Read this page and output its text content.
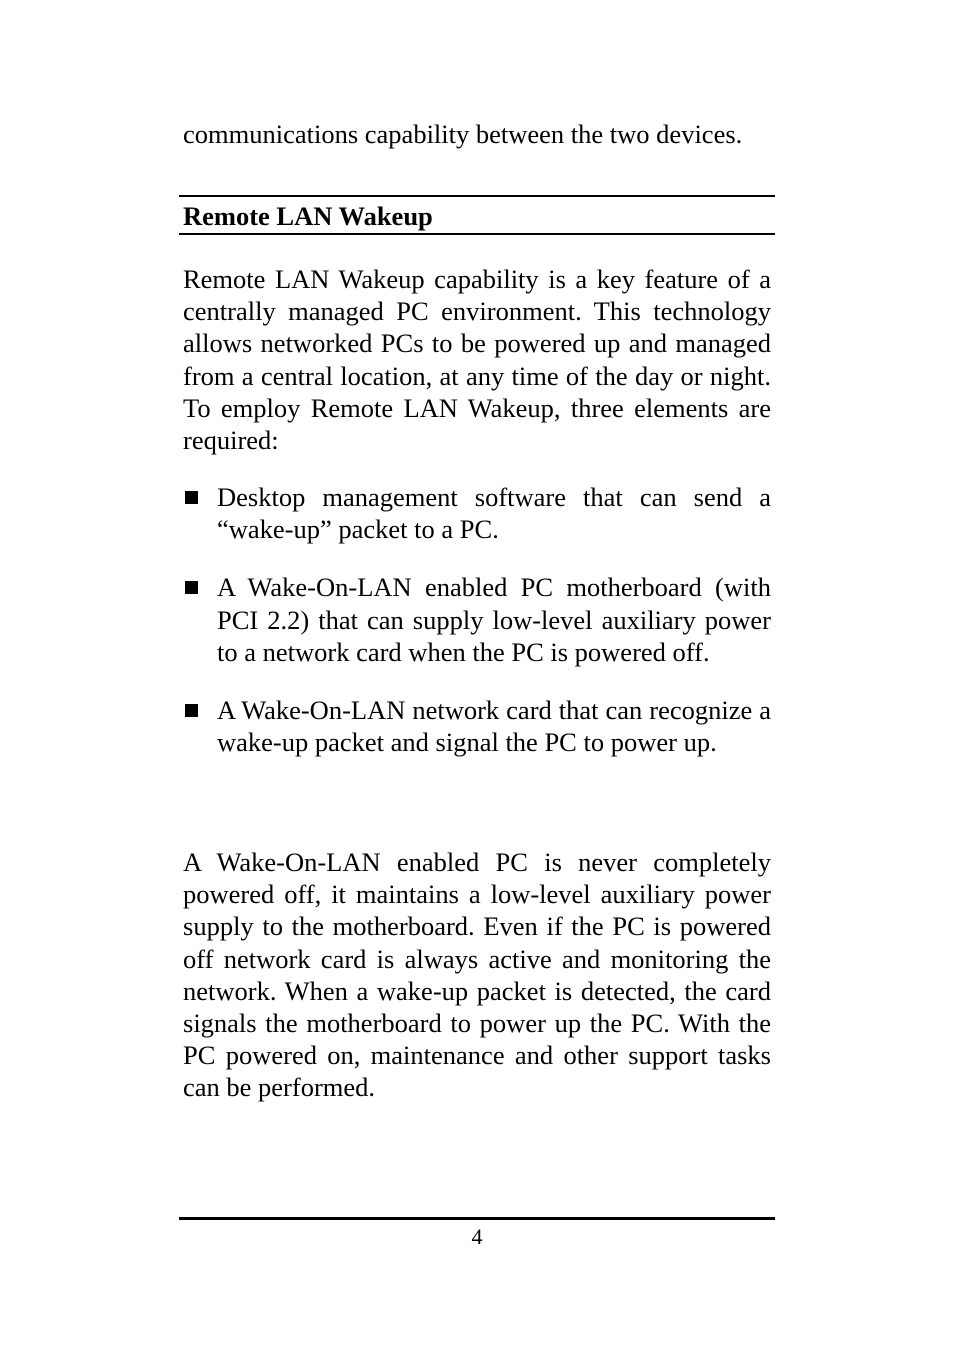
communications capability between the two devices.

Remote LAN Wakeup

Remote LAN Wakeup capability is a key feature of a centrally managed PC environment. This technology allows networked PCs to be powered up and managed from a central location, at any time of the day or night. To employ Remote LAN Wakeup, three elements are required:

Desktop management software that can send a “wake-up” packet to a PC.

A Wake-On-LAN enabled PC motherboard (with PCI 2.2) that can supply low-level auxiliary power to a network card when the PC is powered off.

A Wake-On-LAN network card that can recognize a wake-up packet and signal the PC to power up.

A Wake-On-LAN enabled PC is never completely powered off, it maintains a low-level auxiliary power supply to the motherboard. Even if the PC is powered off network card is always active and monitoring the network. When a wake-up packet is detected, the card signals the motherboard to power up the PC. With the PC powered on, maintenance and other support tasks can be performed.

4
